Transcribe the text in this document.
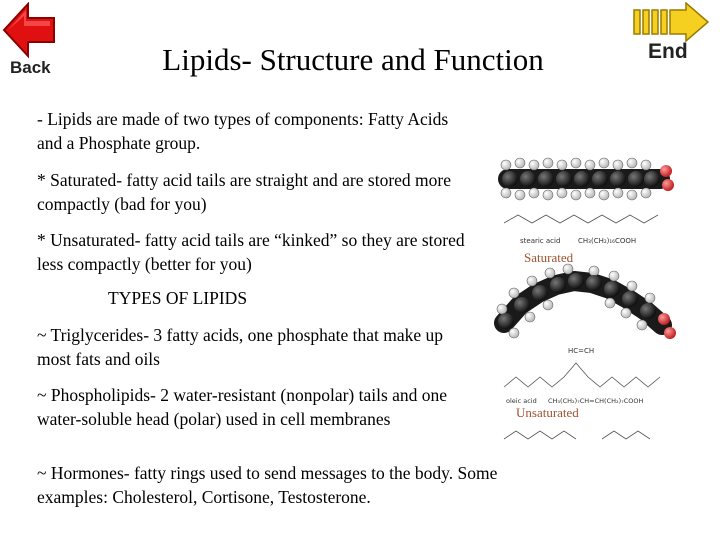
Back
End
Lipids- Structure and Function
- Lipids are made of two types of components: Fatty Acids and a Phosphate group.
* Saturated- fatty acid tails are straight and are stored more compactly (bad for you)
* Unsaturated- fatty acid tails are “kinked” so they are stored less compactly (better for you)
TYPES OF LIPIDS
~ Triglycerides- 3 fatty acids, one phosphate that make up most fats and oils
~ Phospholipids- 2 water-resistant (nonpolar) tails and one water-soluble head (polar) used in cell membranes
~ Hormones- fatty rings used to send messages to the body. Some examples: Cholesterol, Cortisone, Testosterone.
stearic acid	CH₃(CH₂)₁₆COOH
HC=CH
oleic acid CH₃(CH₂)₇CH=CH(CH₂)₇COOH
Saturated
Unsaturated
